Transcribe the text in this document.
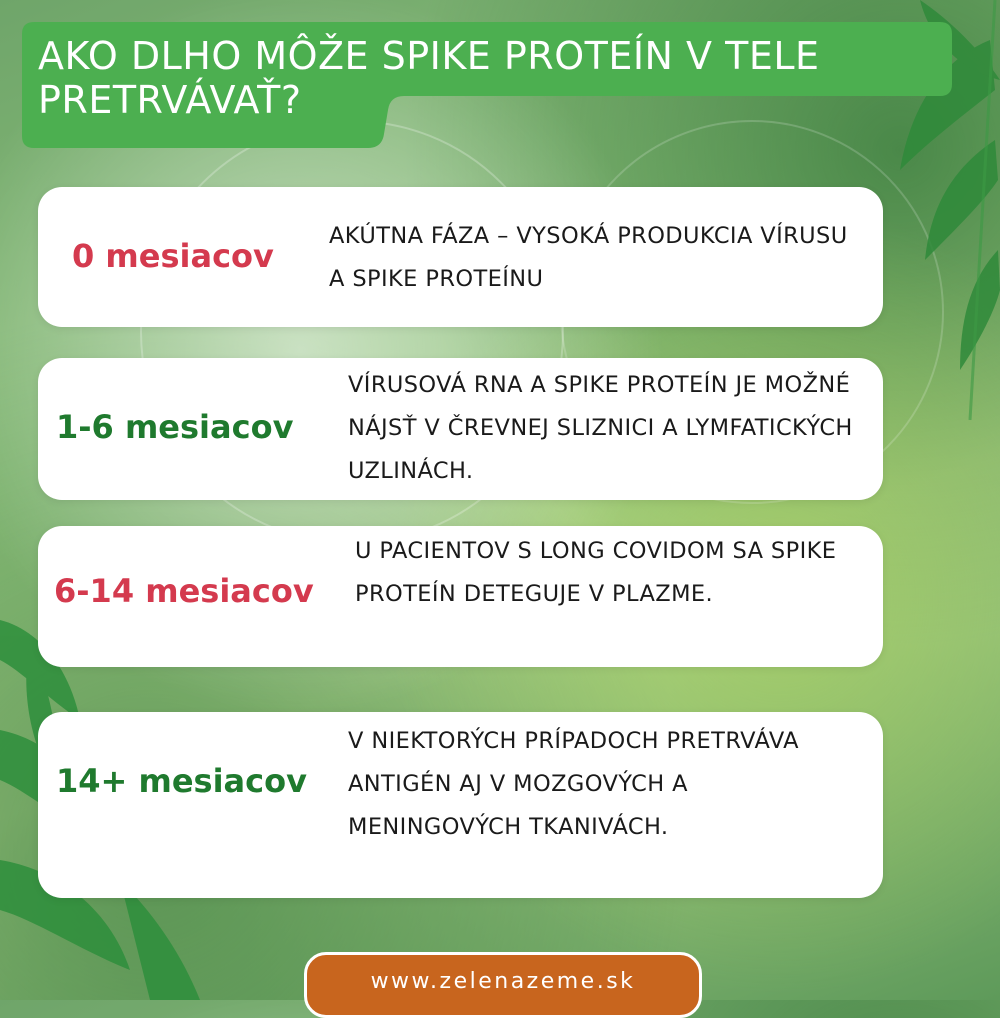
AKO DLHO MÔŽE SPIKE PROTEÍN V TELE PRETRVÁVAŤ?
0 mesiacov

AKÚTNA FÁZA – VYSOKÁ PRODUKCIA VÍRUSU A SPIKE PROTEÍNU

1-6 mesiacov

VÍRUSOVÁ RNA A SPIKE PROTEÍN JE MOŽNÉ NÁJSŤ V ČREVNEJ SLIZNICI A LYMFATICKÝCH UZLINÁCH.

6-14 mesiacov

U PACIENTOV S LONG COVIDOM SA SPIKE PROTEÍN DETEGUJE V PLAZME.

14+ mesiacov

V NIEKTORÝCH PRÍPADOCH PRETRVÁVA ANTIGÉN AJ V MOZGOVÝCH A MENINGOVÝCH TKANIVÁCH.

www.zelenazeme.sk
